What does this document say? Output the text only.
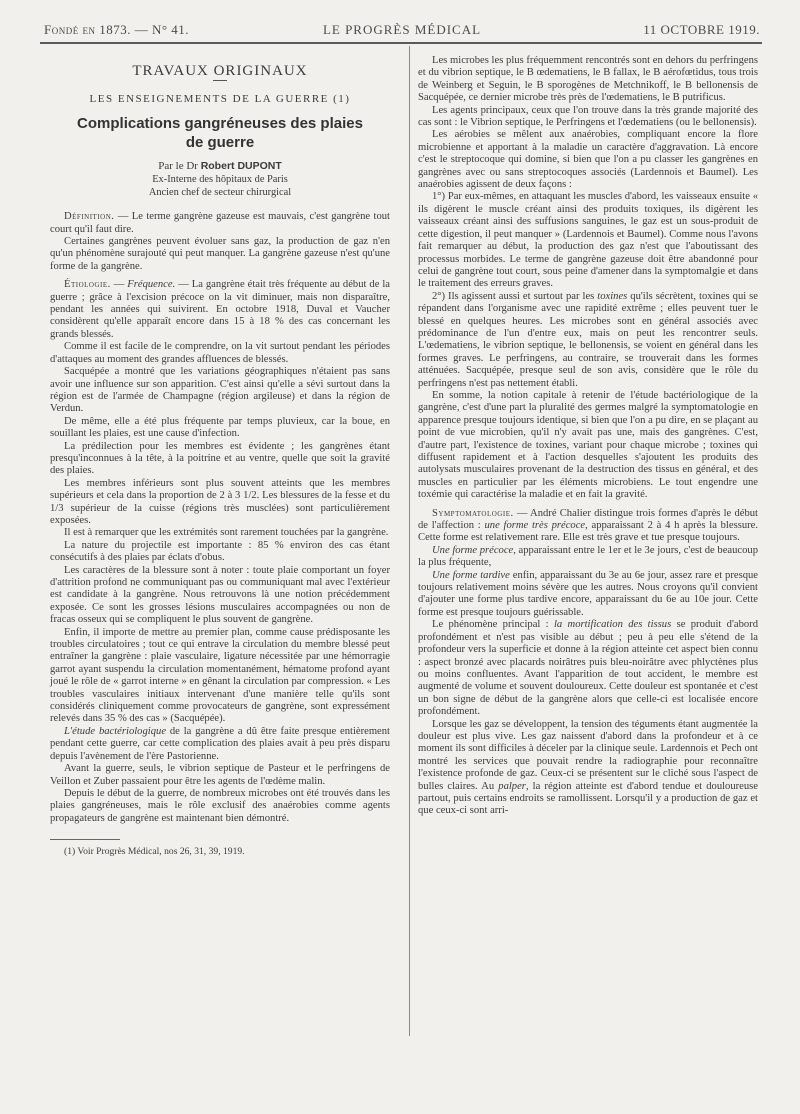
Fondé en 1873. — N° 41.	LE PROGRÈS MÉDICAL	11 OCTOBRE 1919.
TRAVAUX ORIGINAUX
LES ENSEIGNEMENTS DE LA GUERRE (1)
Complications gangréneuses des plaies
de guerre
Par le Dr Robert DUPONT
Ex-Interne des hôpitaux de Paris
Ancien chef de secteur chirurgical

Définition. — Le terme gangrène gazeuse est mauvais, c'est gangrène tout court qu'il faut dire.

Certaines gangrènes peuvent évoluer sans gaz, la production de gaz n'en qu'un phénomène surajouté qui peut manquer. La gangrène gazeuse n'est qu'une forme de la gangrène.

Étiologie. — Fréquence. — La gangrène était très fréquente au début de la guerre ; grâce à l'excision précoce on la vit diminuer, mais non disparaître, pendant les années qui suivirent. En octobre 1918, Duval et Vaucher considèrent qu'elle apparaît encore dans 15 à 18 % des cas concernant les grands blessés.

Comme il est facile de le comprendre, on la vit surtout pendant les périodes d'attaques au moment des grandes affluences de blessés.

Sacquépée a montré que les variations géographiques n'étaient pas sans avoir une influence sur son apparition. C'est ainsi qu'elle a sévi surtout dans la région est de l'armée de Champagne (région argileuse) et dans la région de Verdun.

De même, elle a été plus fréquente par temps pluvieux, car la boue, en souillant les plaies, est une cause d'infection.

La prédilection pour les membres est évidente ; les gangrènes étant presqu'inconnues à la tête, à la poitrine et au ventre, quelle que soit la gravité des plaies.

Les membres inférieurs sont plus souvent atteints que les membres supérieurs et cela dans la proportion de 2 à 3 1/2. Les blessures de la fesse et du 1/3 supérieur de la cuisse (régions très musclées) sont particulièrement exposées.

Il est à remarquer que les extrémités sont rarement touchées par la gangrène.

La nature du projectile est importante : 85 % environ des cas étant consécutifs à des plaies par éclats d'obus.

Les caractères de la blessure sont à noter : toute plaie comportant un foyer d'attrition profond ne communiquant pas ou communiquant mal avec l'extérieur est candidate à la gangrène. Nous retrouvons là une notion précédemment exposée. Ce sont les grosses lésions musculaires accompagnées ou non de fracas osseux qui se compliquent le plus souvent de gangrène.

Enfin, il importe de mettre au premier plan, comme cause prédisposante les troubles circulatoires ; tout ce qui entrave la circulation du membre blessé peut entraîner la gangrène : plaie vasculaire, ligature nécessitée par une hémorragie garrot ayant suspendu la circulation momentanément, hématome profond ayant joué le rôle de « garrot interne » en gênant la circulation par compression. « Les troubles vasculaires initiaux intervenant d'une manière telle qu'ils sont considérés cliniquement comme provocateurs de gangrène, sont expressément relevés dans 35 % des cas » (Sacquépée).

L'étude bactériologique de la gangrène a dû être faite presque entièrement pendant cette guerre, car cette complication des plaies avait à peu près disparu depuis l'avènement de l'ère Pastorienne.

Avant la guerre, seuls, le vibrion septique de Pasteur et le perfringens de Veillon et Zuber passaient pour être les agents de l'œdème malin.

Depuis le début de la guerre, de nombreux microbes ont été trouvés dans les plaies gangréneuses, mais le rôle exclusif des anaérobies comme agents propagateurs de gangrène est maintenant bien démontré.

(1) Voir Progrès Médical, nos 26, 31, 39, 1919.

Les microbes les plus fréquemment rencontrés sont en dehors du perfringens et du vibrion septique, le B œdematiens, le B fallax, le B aérofœtidus, tous trois de Weinberg et Seguin, le B sporogènes de Metchnikoff, le B bellonensis de Sacquépée, ce dernier microbe très près de l'œdematiens, le B putrificus.

Les agents principaux, ceux que l'on trouve dans la très grande majorité des cas sont : le Vibrion septique, le Perfringens et l'œdematiens (ou le bellonensis).

Les aérobies se mêlent aux anaérobies, compliquant encore la flore microbienne et apportant à la maladie un caractère d'aggravation. Là encore c'est le streptocoque qui domine, si bien que l'on a pu classer les gangrènes en gangrènes avec ou sans streptocoques associés (Lardennois et Baumel). Les anaérobies agissent de deux façons :

1°) Par eux-mêmes, en attaquant les muscles d'abord, les vaisseaux ensuite « ils digèrent le muscle créant ainsi des produits toxiques, ils digèrent les vaisseaux créant ainsi des suffusions sanguines, le gaz est un sous-produit de cette digestion, il peut manquer » (Lardennois et Baumel). Comme nous l'avons fait remarquer au début, la production des gaz n'est que l'aboutissant des processus morbides. Le terme de gangrène gazeuse doit être abandonné pour celui de gangrène tout court, sous peine d'amener dans la symptomalgie et dans le traitement des erreurs graves.

2°) Ils agissent aussi et surtout par les toxines qu'ils sécrètent, toxines qui se répandent dans l'organisme avec une rapidité extrême ; elles peuvent tuer le blessé en quelques heures. Les microbes sont en général associés avec prédominance de l'un d'entre eux, mais on peut les rencontrer seuls. L'œdematiens, le vibrion septique, le bellonensis, se voient en général dans les formes graves. Le perfringens, au contraire, se trouverait dans les formes atténuées. Sacquépée, presque seul de son avis, considère que le rôle du perfringens n'est pas nettement établi.

En somme, la notion capitale à retenir de l'étude bactériologique de la gangrène, c'est d'une part la pluralité des germes malgré la symptomatologie en apparence presque toujours identique, si bien que l'on a pu dire, en se plaçant au point de vue microbien, qu'il n'y avait pas une, mais des gangrènes. C'est, d'autre part, l'existence de toxines, variant pour chaque microbe ; toxines qui diffusent rapidement et à l'action desquelles s'ajoutent les produits des autolysats musculaires provenant de la destruction des tissus en général, et des muscles en particulier par les éléments microbiens. Le tout engendre une toxémie qui caractérise la maladie et en fait la gravité.

Symptomatologie. — André Chalier distingue trois formes d'après le début de l'affection : une forme très précoce, apparaissant 2 à 4 h après la blessure. Cette forme est relativement rare. Elle est très grave et tue presque toujours.

Une forme précoce, apparaissant entre le 1er et le 3e jours, c'est de beaucoup la plus fréquente,

Une forme tardive enfin, apparaissant du 3e au 6e jour, assez rare et presque toujours relativement moins sévère que les autres. Nous croyons qu'il convient d'ajouter une forme plus tardive encore, apparaissant du 6e au 10e jour. Cette forme est presque toujours guérissable.

Le phénomène principal : la mortification des tissus se produit d'abord profondément et n'est pas visible au début ; peu à peu elle s'étend de la profondeur vers la superficie et donne à la région atteinte cet aspect bien connu : aspect bronzé avec placards noirâtres puis bleu-noirâtre avec phlyctènes plus ou moins confluentes. Avant l'apparition de tout accident, le membre est augmenté de volume et souvent douloureux. Cette douleur est spontanée et c'est un bon signe de début de la gangrène alors que celle-ci est localisée encore profondément.

Lorsque les gaz se développent, la tension des téguments étant augmentée la douleur est plus vive. Les gaz naissent d'abord dans la profondeur et à ce moment ils sont difficiles à déceler par la clinique seule. Lardennois et Pech ont montré les services que pouvait rendre la radiographie pour reconnaître l'existence profonde de gaz. Ceux-ci se présentent sur le cliché sous l'aspect de bulles claires. Au palper, la région atteinte est d'abord tendue et douloureuse partout, puis certains endroits se ramollissent. Lorsqu'il y a production de gaz et que ceux-ci sont arri-
